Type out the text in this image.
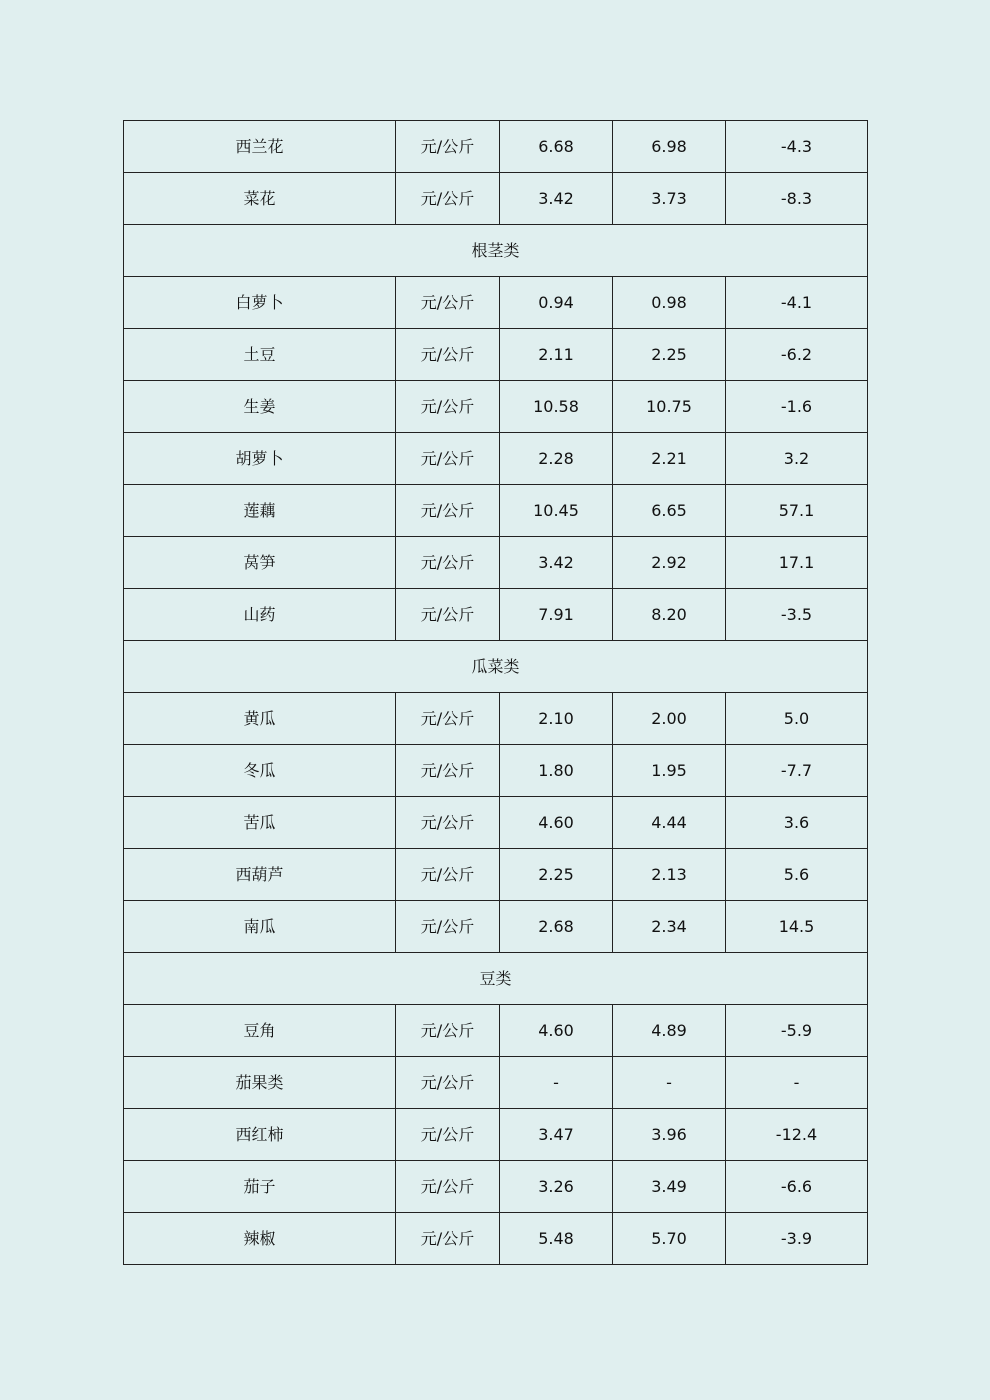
西兰花	元/公斤	6.68	6.98	-4.3
菜花	元/公斤	3.42	3.73	-8.3
根茎类				
白萝卜	元/公斤	0.94	0.98	-4.1
土豆	元/公斤	2.11	2.25	-6.2
生姜	元/公斤	10.58	10.75	-1.6
胡萝卜	元/公斤	2.28	2.21	3.2
莲藕	元/公斤	10.45	6.65	57.1
莴笋	元/公斤	3.42	2.92	17.1
山药	元/公斤	7.91	8.20	-3.5
瓜菜类				
黄瓜	元/公斤	2.10	2.00	5.0
冬瓜	元/公斤	1.80	1.95	-7.7
苦瓜	元/公斤	4.60	4.44	3.6
西葫芦	元/公斤	2.25	2.13	5.6
南瓜	元/公斤	2.68	2.34	14.5
豆类				
豆角	元/公斤	4.60	4.89	-5.9
茄果类	元/公斤	-	-	-
西红柿	元/公斤	3.47	3.96	-12.4
茄子	元/公斤	3.26	3.49	-6.6
辣椒	元/公斤	5.48	5.70	-3.9
